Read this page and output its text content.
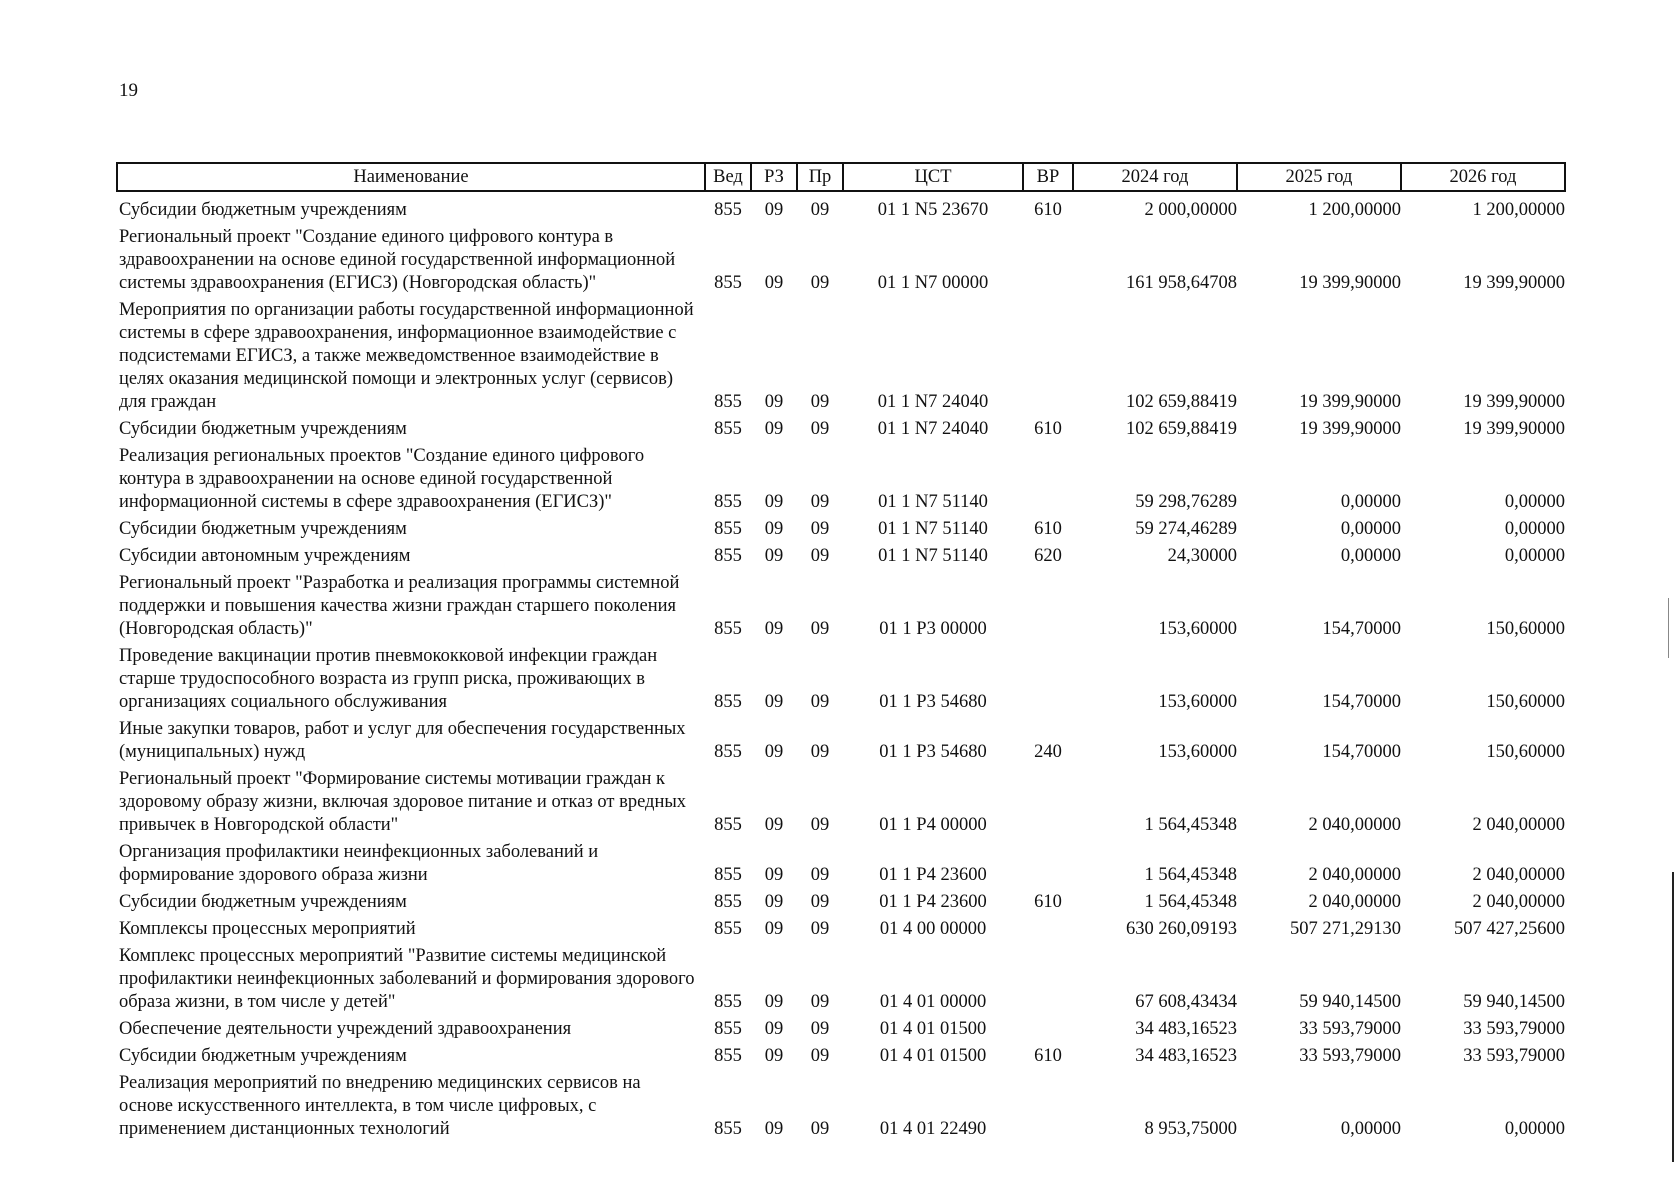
19
Наименование	Вед	РЗ	Пр	ЦСТ	ВР	2024 год	2025 год	2026 год
Субсидии бюджетным учреждениям	855	09	09	01 1 N5 23670	610	2 000,00000	1 200,00000	1 200,00000
Региональный проект "Создание единого цифрового контура в здравоохранении на основе единой государственной информационной системы здравоохранения (ЕГИСЗ) (Новгородская область)"	855	09	09	01 1 N7 00000		161 958,64708	19 399,90000	19 399,90000
Мероприятия по организации работы государственной информационной системы в сфере здравоохранения, информационное взаимодействие с подсистемами ЕГИСЗ, а также межведомственное взаимодействие в целях оказания медицинской помощи и электронных услуг (сервисов) для граждан	855	09	09	01 1 N7 24040		102 659,88419	19 399,90000	19 399,90000
Субсидии бюджетным учреждениям	855	09	09	01 1 N7 24040	610	102 659,88419	19 399,90000	19 399,90000
Реализация региональных проектов "Создание единого цифрового контура в здравоохранении на основе единой государственной информационной системы в сфере здравоохранения (ЕГИСЗ)"	855	09	09	01 1 N7 51140		59 298,76289	0,00000	0,00000
Субсидии бюджетным учреждениям	855	09	09	01 1 N7 51140	610	59 274,46289	0,00000	0,00000
Субсидии автономным учреждениям	855	09	09	01 1 N7 51140	620	24,30000	0,00000	0,00000
Региональный проект "Разработка и реализация программы системной поддержки и повышения качества жизни граждан старшего поколения (Новгородская область)"	855	09	09	01 1 P3 00000		153,60000	154,70000	150,60000
Проведение вакцинации против пневмококковой инфекции граждан старше трудоспособного возраста из групп риска, проживающих в организациях социального обслуживания	855	09	09	01 1 P3 54680		153,60000	154,70000	150,60000
Иные закупки товаров, работ и услуг для обеспечения государственных (муниципальных) нужд	855	09	09	01 1 P3 54680	240	153,60000	154,70000	150,60000
Региональный проект "Формирование системы мотивации граждан к здоровому образу жизни, включая здоровое питание и отказ от вредных привычек в Новгородской области"	855	09	09	01 1 P4 00000		1 564,45348	2 040,00000	2 040,00000
Организация профилактики неинфекционных заболеваний и формирование здорового образа жизни	855	09	09	01 1 P4 23600		1 564,45348	2 040,00000	2 040,00000
Субсидии бюджетным учреждениям	855	09	09	01 1 P4 23600	610	1 564,45348	2 040,00000	2 040,00000
Комплексы процессных мероприятий	855	09	09	01 4 00 00000		630 260,09193	507 271,29130	507 427,25600
Комплекс процессных мероприятий "Развитие системы медицинской профилактики неинфекционных заболеваний и формирования здорового образа жизни, в том числе у детей"	855	09	09	01 4 01 00000		67 608,43434	59 940,14500	59 940,14500
Обеспечение деятельности учреждений здравоохранения	855	09	09	01 4 01 01500		34 483,16523	33 593,79000	33 593,79000
Субсидии бюджетным учреждениям	855	09	09	01 4 01 01500	610	34 483,16523	33 593,79000	33 593,79000
Реализация мероприятий по внедрению медицинских сервисов на основе искусственного интеллекта, в том числе цифровых, с применением дистанционных технологий	855	09	09	01 4 01 22490		8 953,75000	0,00000	0,00000
